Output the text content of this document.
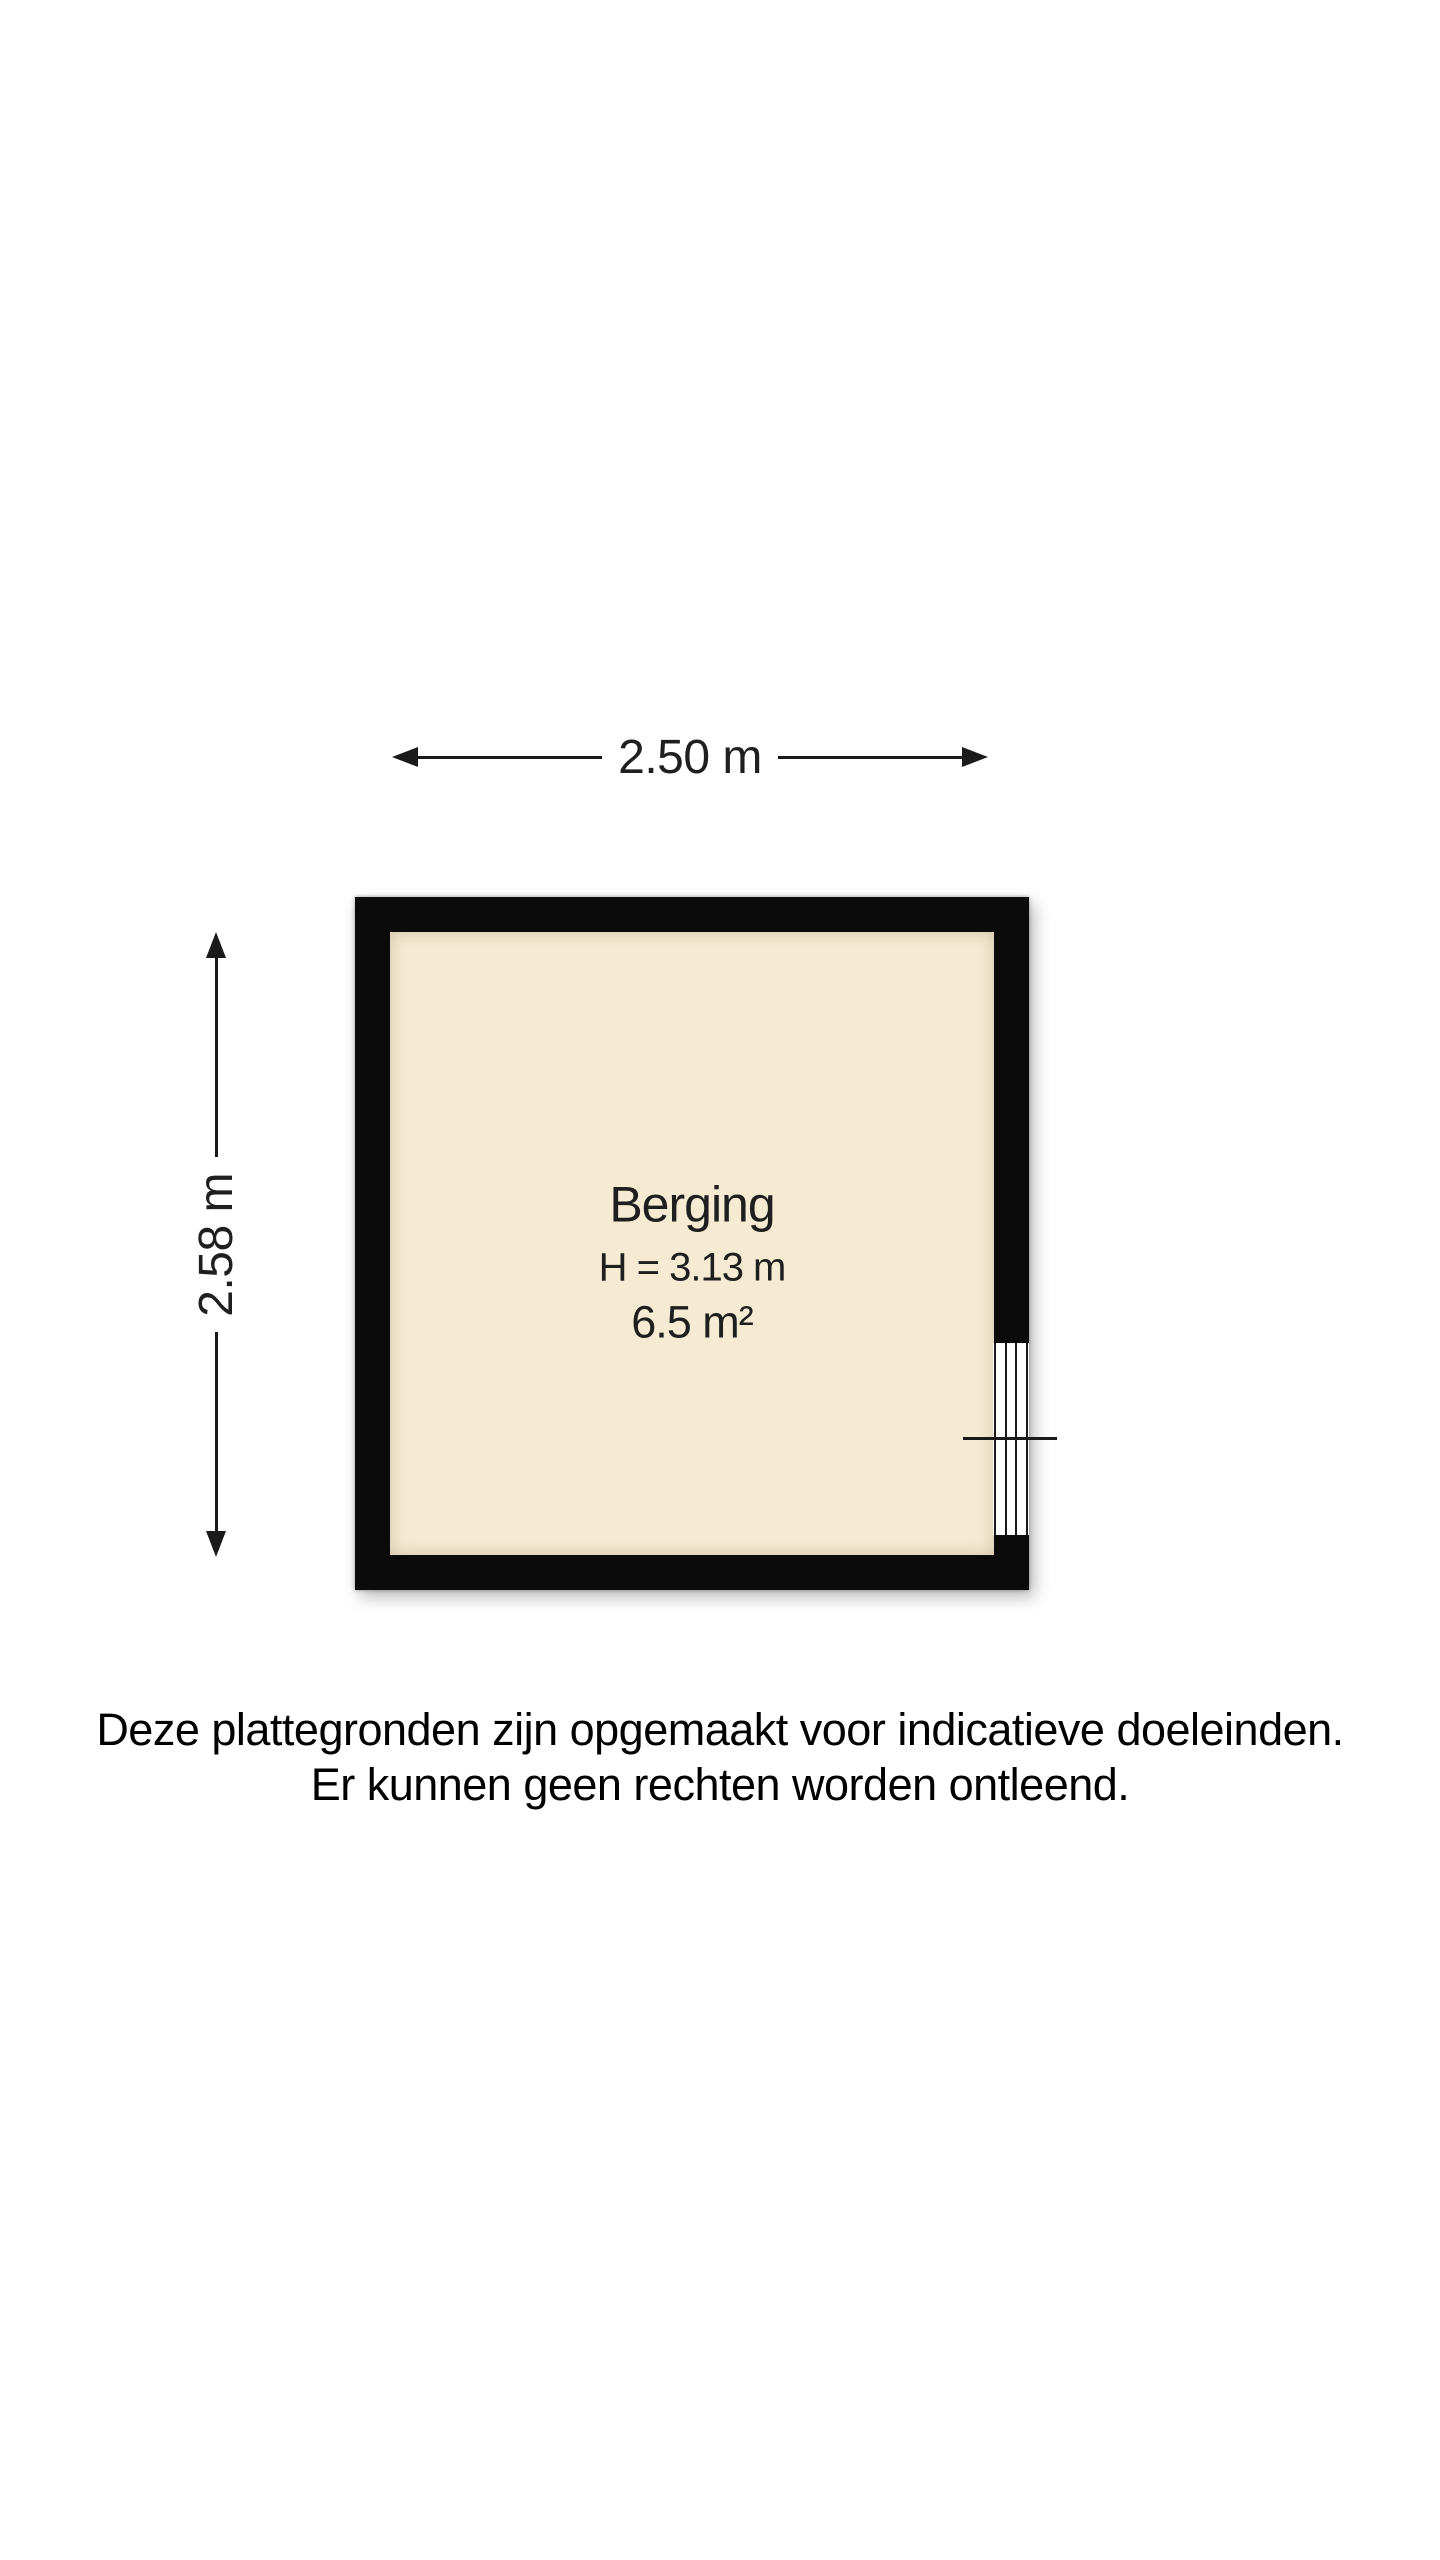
2.50 m
2.58 m	Berging
H = 3.13 m
6.5 m²
Deze plattegronden zijn opgemaakt voor indicatieve doeleinden.
Er kunnen geen rechten worden ontleend.
